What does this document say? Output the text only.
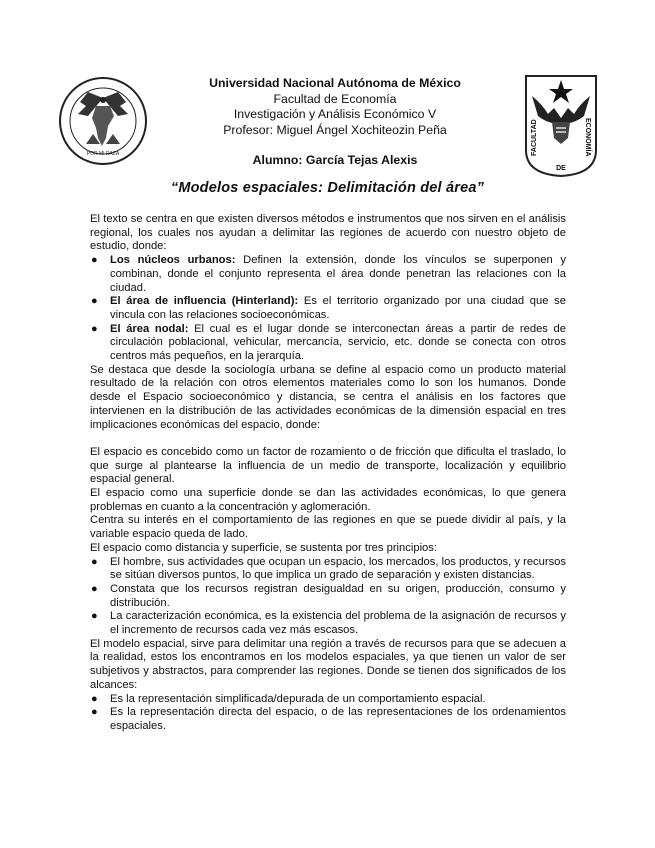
POR MI RAZA	FACULTAD	ECONOMÍA
DE
Universidad Nacional Autónoma de México
Facultad de Economía
Investigación y Análisis Económico V
Profesor: Miguel Ángel Xochiteozin Peña
Alumno: García Tejas Alexis
“Modelos espaciales: Delimitación del área”

El texto se centra en que existen diversos métodos e instrumentos que nos sirven en el análisis regional, los cuales nos ayudan a delimitar las regiones de acuerdo con nuestro objeto de estudio, donde:

● Los núcleos urbanos: Definen la extensión, donde los vínculos se superponen y combinan, donde el conjunto representa el área donde penetran las relaciones con la ciudad.
● El área de influencia (Hinterland): Es el territorio organizado por una ciudad que se vincula con las relaciones socioeconómicas.
● El área nodal: El cual es el lugar donde se interconectan áreas a partir de redes de circulación poblacional, vehicular, mercancía, servicio, etc. donde se conecta con otros centros más pequeños, en la jerarquía.

Se destaca que desde la sociología urbana se define al espacio como un producto material resultado de la relación con otros elementos materiales como lo son los humanos. Donde desde el Espacio socioeconómico y distancia, se centra el análisis en los factores que intervienen en la distribución de las actividades económicas de la dimensión espacial en tres implicaciones económicas del espacio, donde:

El espacio es concebido como un factor de rozamiento o de fricción que dificulta el traslado, lo que surge al plantearse la influencia de un medio de transporte, localización y equilibrio espacial general.

El espacio como una superficie donde se dan las actividades económicas, lo que genera problemas en cuanto a la concentración y aglomeración.

Centra su interés en el comportamiento de las regiones en que se puede dividir al país, y la variable espacio queda de lado.

El espacio como distancia y superficie, se sustenta por tres principios:

● El hombre, sus actividades que ocupan un espacio, los mercados, los productos, y recursos se sitúan diversos puntos, lo que implica un grado de separación y existen distancias.
● Constata que los recursos registran desigualdad en su origen, producción, consumo y distribución.
● La caracterización económica, es la existencia del problema de la asignación de recursos y el incremento de recursos cada vez más escasos.

El modelo espacial, sirve para delimitar una región a través de recursos para que se adecuen a la realidad, estos los encontramos en los modelos espaciales, ya que tienen un valor de ser subjetivos y abstractos, para comprender las regiones. Donde se tienen dos significados de los alcances:

● Es la representación simplificada/depurada de un comportamiento espacial.
● Es la representación directa del espacio, o de las representaciones de los ordenamientos espaciales.
